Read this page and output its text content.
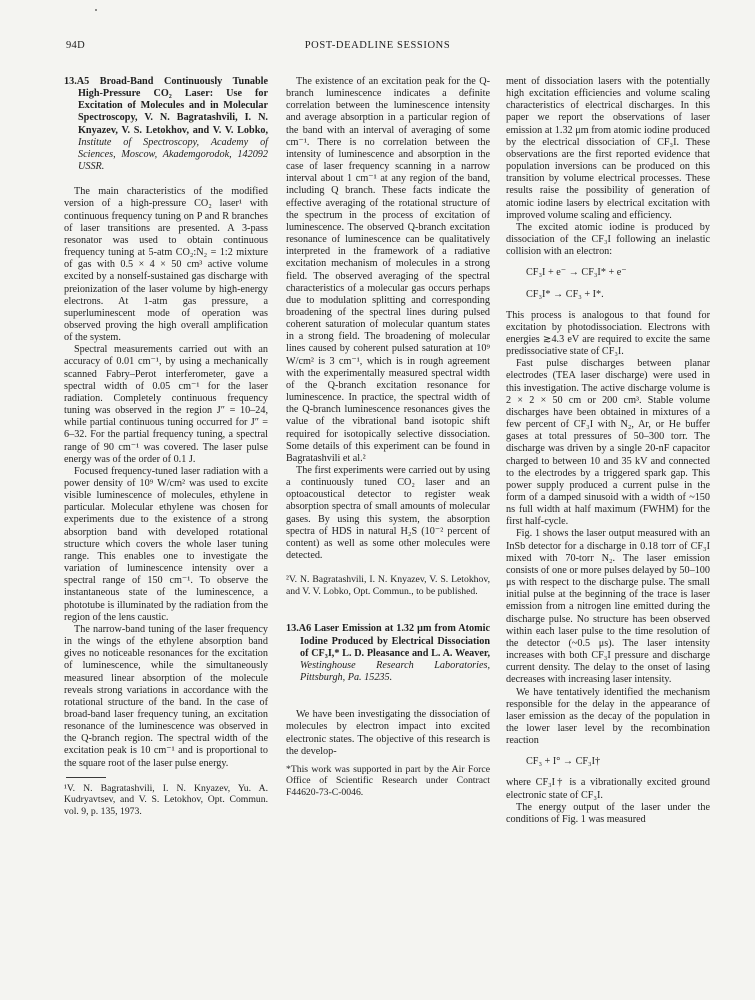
94D	POST-DEADLINE SESSIONS

13.A5 Broad-Band Continuously Tunable High-Pressure CO₂ Laser: Use for Excitation of Molecules and in Molecular Spectroscopy, V. N. Bagratashvili, I. N. Knyazev, V. S. Letokhov, and V. V. Lobko, Institute of Spectroscopy, Academy of Sciences, Moscow, Akademgorodok, 142092 USSR.

The main characteristics of the modified version of a high-pressure CO₂ laser¹ with continuous frequency tuning on P and R branches of laser transitions are presented. A 3-pass resonator was used to obtain continuous frequency tuning at 5-atm CO₂:N₂ = 1:2 mixture of gas with 0.5 × 4 × 50 cm³ active volume excited by a nonself-sustained gas discharge with preionization of the laser volume by high-energy electrons. At 1-atm gas pressure, a superluminescent mode of operation was observed proving the high overall amplification of the system.

Spectral measurements carried out with an accuracy of 0.01 cm⁻¹, by using a mechanically scanned Fabry–Perot interferometer, gave a spectral width of 0.05 cm⁻¹ for the laser radiation. Completely continuous frequency tuning was observed in the region J″ = 10–24, while partial continuous tuning occurred for J″ = 6–32. For the partial frequency tuning, a spectral range of 90 cm⁻¹ was covered. The laser pulse energy was of the order of 0.1 J.

Focused frequency-tuned laser radiation with a power density of 10⁹ W/cm² was used to excite visible luminescence of molecules, ethylene in particular. Molecular ethylene was chosen for experiments due to the existence of a strong absorption band with developed rotational structure which covers the whole laser tuning range. This enables one to investigate the variation of luminescence intensity over a spectral range of 150 cm⁻¹. To observe the instantaneous state of the luminescence, a phototube is illuminated by the radiation from the region of the lens caustic.

The narrow-band tuning of the laser frequency in the wings of the ethylene absorption band gives no noticeable resonances for the excitation of luminescence, while the simultaneously measured linear absorption of the molecule reveals strong variations in accordance with the rotational structure of the band. In the case of broad-band laser frequency tuning, an excitation resonance of the luminescence was observed in the Q-branch region. The spectral width of the excitation peak is 10 cm⁻¹ and is proportional to the square root of the laser pulse energy.

¹V. N. Bagratashvili, I. N. Knyazev, Yu. A. Kudryavtsev, and V. S. Letokhov, Opt. Commun. vol. 9, p. 135, 1973.

The existence of an excitation peak for the Q-branch luminescence indicates a definite correlation between the luminescence intensity and average absorption in a particular region of the band with an interval of averaging of some cm⁻¹. There is no correlation between the intensity of luminescence and absorption in the case of laser frequency scanning in a narrow interval about 1 cm⁻¹ at any region of the band, including Q branch. These facts indicate the effective averaging of the rotational structure of the spectrum in the process of excitation of luminescence. The observed Q-branch excitation resonance of luminescence can be qualitatively interpreted in the framework of a radiative excitation mechanism of molecules in a strong field. The observed averaging of the spectral characteristics of a molecular gas occurs perhaps due to modulation splitting and corresponding broadening of the spectral lines during pulsed coherent saturation of molecular quantum states in a strong field. The broadening of molecular lines caused by coherent pulsed saturation at 10⁹ W/cm² is 3 cm⁻¹, which is in rough agreement with the experimentally measured spectral width of the Q-branch excitation resonance for luminescence. In practice, the spectral width of the Q-branch luminescence resonances gives the value of the vibrational band isotopic shift required for isotopically selective dissociation. Some details of this experiment can be found in Bagratashvili et al.²

The first experiments were carried out by using a continuously tuned CO₂ laser and an optoacoustical detector to register weak absorption spectra of small amounts of molecular gases. By using this system, the absorption spectra of HDS in natural H₂S (10⁻² percent of content) as well as some other molecules were detected.

²V. N. Bagratashvili, I. N. Knyazev, V. S. Letokhov, and V. V. Lobko, Opt. Commun., to be published.

13.A6 Laser Emission at 1.32 μm from Atomic Iodine Produced by Electrical Dissociation of CF₃I,* L. D. Pleasance and L. A. Weaver, Westinghouse Research Laboratories, Pittsburgh, Pa. 15235.

We have been investigating the dissociation of molecules by electron impact into excited electronic states. The objective of this research is the develop-

*This work was supported in part by the Air Force Office of Scientific Research under Contract F44620-73-C-0046.

ment of dissociation lasers with the potentially high excitation efficiencies and volume scaling characteristics of electrical discharges. In this paper we report the observations of laser emission at 1.32 μm from atomic iodine produced by the electrical dissociation of CF₃I. These observations are the first reported evidence that population inversions can be produced on this transition by volume electrical processes. These results raise the possibility of generation of atomic iodine lasers by electrical excitation with improved volume scaling and efficiency.

The excited atomic iodine is produced by dissociation of the CF₃I following an inelastic collision with an electron:

CF₃I + e⁻ → CF₃I* + e⁻

CF₃I* → CF₃ + I*.

This process is analogous to that found for excitation by photodissociation. Electrons with energies ≳4.3 eV are required to excite the same predissociative state of CF₃I.

Fast pulse discharges between planar electrodes (TEA laser discharge) were used in this investigation. The active discharge volume is 2 × 2 × 50 cm or 200 cm³. Stable volume discharges have been obtained in mixtures of a few percent of CF₃I with N₂, Ar, or He buffer gases at total pressures of 50–300 torr. The discharge was driven by a single 20-nF capacitor charged to between 10 and 35 kV and connected to the electrodes by a triggered spark gap. This power supply produced a current pulse in the form of a damped sinusoid with a width of ~150 ns full width at half maximum (FWHM) for the first half-cycle.

Fig. 1 shows the laser output measured with an InSb detector for a discharge in 0.18 torr of CF₃I mixed with 70-torr N₂. The laser emission consists of one or more pulses delayed by 50–100 μs with respect to the discharge pulse. The small initial pulse at the beginning of the trace is laser emission from a nitrogen line emitted during the discharge pulse. No structure has been observed within each laser pulse to the time resolution of the detector (~0.5 μs). The laser intensity increases with both CF₃I pressure and discharge current density. The delay to the onset of lasing decreases with increasing laser intensity.

We have tentatively identified the mechanism responsible for the delay in the appearance of laser emission as the decay of the population in the lower laser level by the recombination reaction

CF₃ + I° → CF₃I†

where CF₃I† is a vibrationally excited ground electronic state of CF₃I.

The energy output of the laser under the conditions of Fig. 1 was measured
